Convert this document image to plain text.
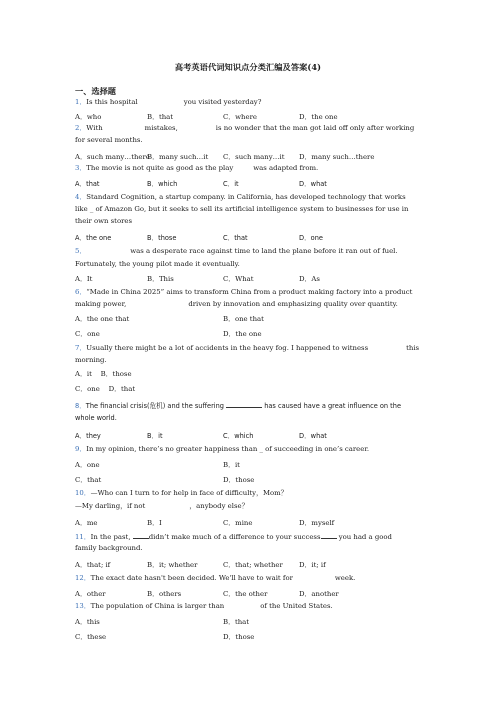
高考英语代词知识点分类汇编及答案(4)
一、选择题
1．Is this hospital	you visited yesterday?
A．who	B．that	C．where	D．the one
2．With	mistakes,	is no wonder that the man got laid off only after working
for several months.
A．such many…there
B．many such…it C．such many…it D．many such…there
3．The movie is not quite as good as the play	was adapted from.
A．that	B．which	C．it	D．what
4．Standard Cognition, a startup company. in California, has developed technology that works
like _ of Amazon Go, but it seeks to sell its artificial intelligence system to businesses for use in
their own stores
A．the one	B．those	C．that	D．one
5．	was a desperate race against time to land the plane before it ran out of fuel.
Fortunately, the young pilot made it eventually.
A．It	B．This	C．What	D．As
6．“Made in China 2025” aims to transform China from a product making factory into a product
making power,	driven by innovation and emphasizing quality over quantity.
A．the one that	B．one that
C．one	D．the one
7．Usually there might be a lot of accidents in the heavy fog. I happened to witness	this
morning.
A．it    B．those
C．one    D．that
8．The financial crisis(危机) and the suffering	has caused have a great influence on the
whole world.
A．they	B．it	C．which	D．what
9．In my opinion, there’s no greater happiness than _ of succeeding in one’s career.
A．one	B．it
C．that	D．those
10．—Who can I turn to for help in face of difficulty，Mom？
—My darling，if not	，anybody else？
A．me	B．I	C．mine	D．myself
11．In the past,	didn’t make much of a difference to your success	you had a good
family background.
A．that; if	B．it; whether	C．that; whether D．it; if
12．The exact date hasn't been decided. We'll have to wait for	week.
A．other	B．others	C．the other	D．another
13．The population of China is larger than	of the United States.
A．this	B．that
C．these	D．those
